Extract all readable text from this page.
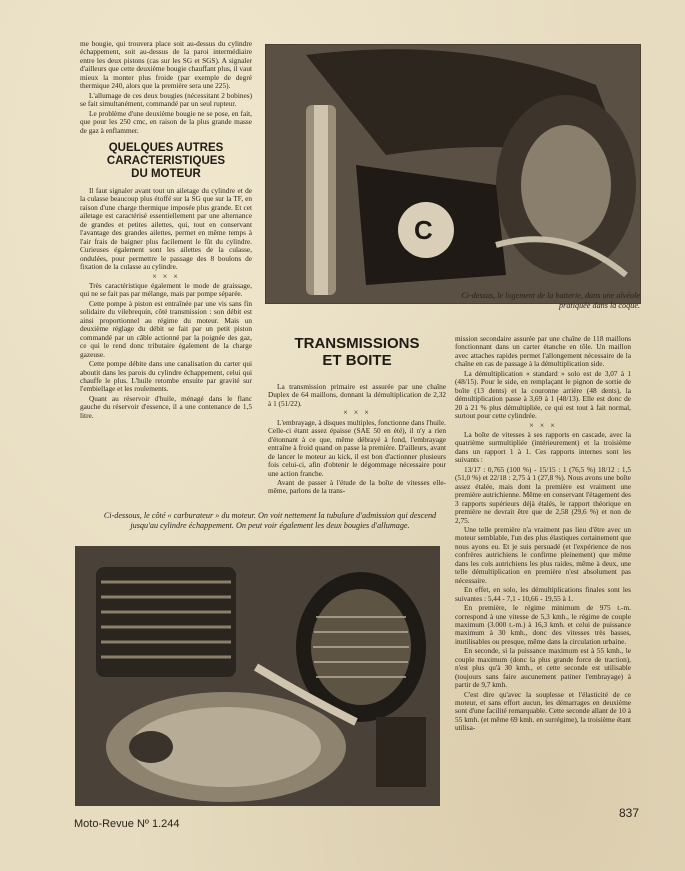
me bougie, qui trouvera place soit au-dessus du cylindre échappement, soit au-dessus de la paroi intermédiaire entre les deux pistons (cas sur les SG et SGS). A signaler d'ailleurs que cette deuxième bougie chauffant plus, il vaut mieux la monter plus froide (par exemple de degré thermique 240, alors que la première sera une 225).

L'allumage de ces deux bougies (nécessitant 2 bobines) se fait simultanément, commandé par un seul rupteur.

Le problème d'une deuxième bougie ne se pose, en fait, que pour les 250 cmc, en raison de la plus grande masse de gaz à enflammer.

QUELQUES AUTRES
CARACTERISTIQUES
DU MOTEUR

Il faut signaler avant tout un ailetage du cylindre et de la culasse beaucoup plus étoffé sur la SG que sur la TF, en raison d'une charge thermique imposée plus grande. Et cet ailetage est caractérisé essentiellement par une alternance de grandes et petites ailettes, qui, tout en conservant l'avantage des grandes ailettes, permet en même temps à l'air frais de baigner plus facilement le fût du cylindre. Curieuses également sont les ailettes de la culasse, ondulées, pour permettre le passage des 8 boulons de fixation de la culasse au cylindre.

× × ×

Très caractéristique également le mode de graissage, qui ne se fait pas par mélange, mais par pompe séparée.

Cette pompe à piston est entraînée par une vis sans fin solidaire du vilebrequin, côté transmission : son débit est ainsi proportionnel au régime du moteur. Mais un deuxième réglage du débit se fait par un petit piston commandé par un câble actionné par la poignée des gaz, ce qui le rend donc tributaire également de la charge gazeuse.

Cette pompe débite dans une canalisation du carter qui aboutit dans les parois du cylindre échappement, celui qui chauffe le plus. L'huile retombe ensuite par gravité sur l'embiellage et les roulements.

Quant au réservoir d'huile, ménagé dans le flanc gauche du réservoir d'essence, il a une contenance de 1,5 litre.

C
Ci-dessus, le logement de la batterie, dans une alvéole pratiquée dans la coque.
TRANSMISSIONS
ET BOITE

La transmission primaire est assurée par une chaîne Duplex de 64 maillons, donnant la démultiplication de 2,32 à 1 (51/22).

× × ×

L'embrayage, à disques multiples, fonctionne dans l'huile. Celle-ci étant assez épaisse (SAE 50 en été), il n'y a rien d'étonnant à ce que, même débrayé à fond, l'embrayage entraîne à froid quand on passe la première. D'ailleurs, avant de lancer le moteur au kick, il est bon d'actionner plusieurs fois celui-ci, afin d'obtenir le dégommage nécessaire pour une action franche.

Avant de passer à l'étude de la boîte de vitesses elle-même, parlons de la trans-

mission secondaire assurée par une chaîne de 118 maillons fonctionnant dans un carter étanche en tôle. Un maillon avec attaches rapides permet l'allongement nécessaire de la chaîne en cas de passage à la démultiplication side.

La démultiplication « standard » solo est de 3,07 à 1 (48/15). Pour le side, en remplaçant le pignon de sortie de boîte (13 dents) et la couronne arrière (48 dents), la démultiplication passe à 3,69 à 1 (48/13). Elle est donc de 20 à 21 % plus démultipliée, ce qui est tout à fait normal, surtout pour cette cylindrée.

× × ×

La boîte de vitesses à ses rapports en cascade, avec la quatrième surmultipliée (intérieurement) et la troisième dans un rapport 1 à 1. Ces rapports internes sont les suivants :

13/17 : 0,765 (100 %) - 15/15 : 1 (76,5 %) 18/12 : 1,5 (51,0 %) et 22/18 : 2,75 à 1 (27,8 %). Nous avons une boîte assez étalée, mais dont la première est vraiment une première autrichienne. Même en conservant l'étagement des 3 rapports supérieurs déjà étalés, le rapport théorique en première ne devrait être que de 2,58 (29,6 %) et non de 2,75.

Une telle première n'a vraiment pas lieu d'être avec un moteur semblable, l'un des plus élastiques certainement que nous ayons eu. Et je suis persuadé (et l'expérience de nos confrères autrichiens le confirme pleinement) que même dans les cols autrichiens les plus raides, même à deux, une telle démultiplication en première n'est absolument pas nécessaire.

En effet, en solo, les démultiplications finales sont les suivantes : 5,44 - 7,1 - 10,66 - 19,55 à 1.

En première, le régime minimum de 975 t.-m. correspond à une vitesse de 5,3 kmh., le régime de couple maximum (3.000 t.-m.) à 16,3 kmh. et celui de puissance maximum à 30 kmh., donc des vitesses très basses, inutilisables ou presque, même dans la circulation urbaine.

En seconde, si la puissance maximum est à 55 kmh., le couple maximum (donc la plus grande force de traction), n'est plus qu'à 30 kmh., et cette seconde est utilisable (toujours sans faire aucunement patiner l'embrayage) à partir de 9,7 kmh.

C'est dire qu'avec la souplesse et l'élasticité de ce moteur, et sans effort aucun, les démarrages en deuxième sont d'une facilité remarquable. Cette seconde allant de 10 à 55 kmh. (et même 69 kmh. en surrégime), la troisième étant utilisa-

Ci-dessous, le côté « carburateur » du moteur. On voit nettement la tubulure d'admission qui descend jusqu'au cylindre échappement. On peut voir également les deux bougies d'allumage.
Moto-Revue Nº 1.244
837
